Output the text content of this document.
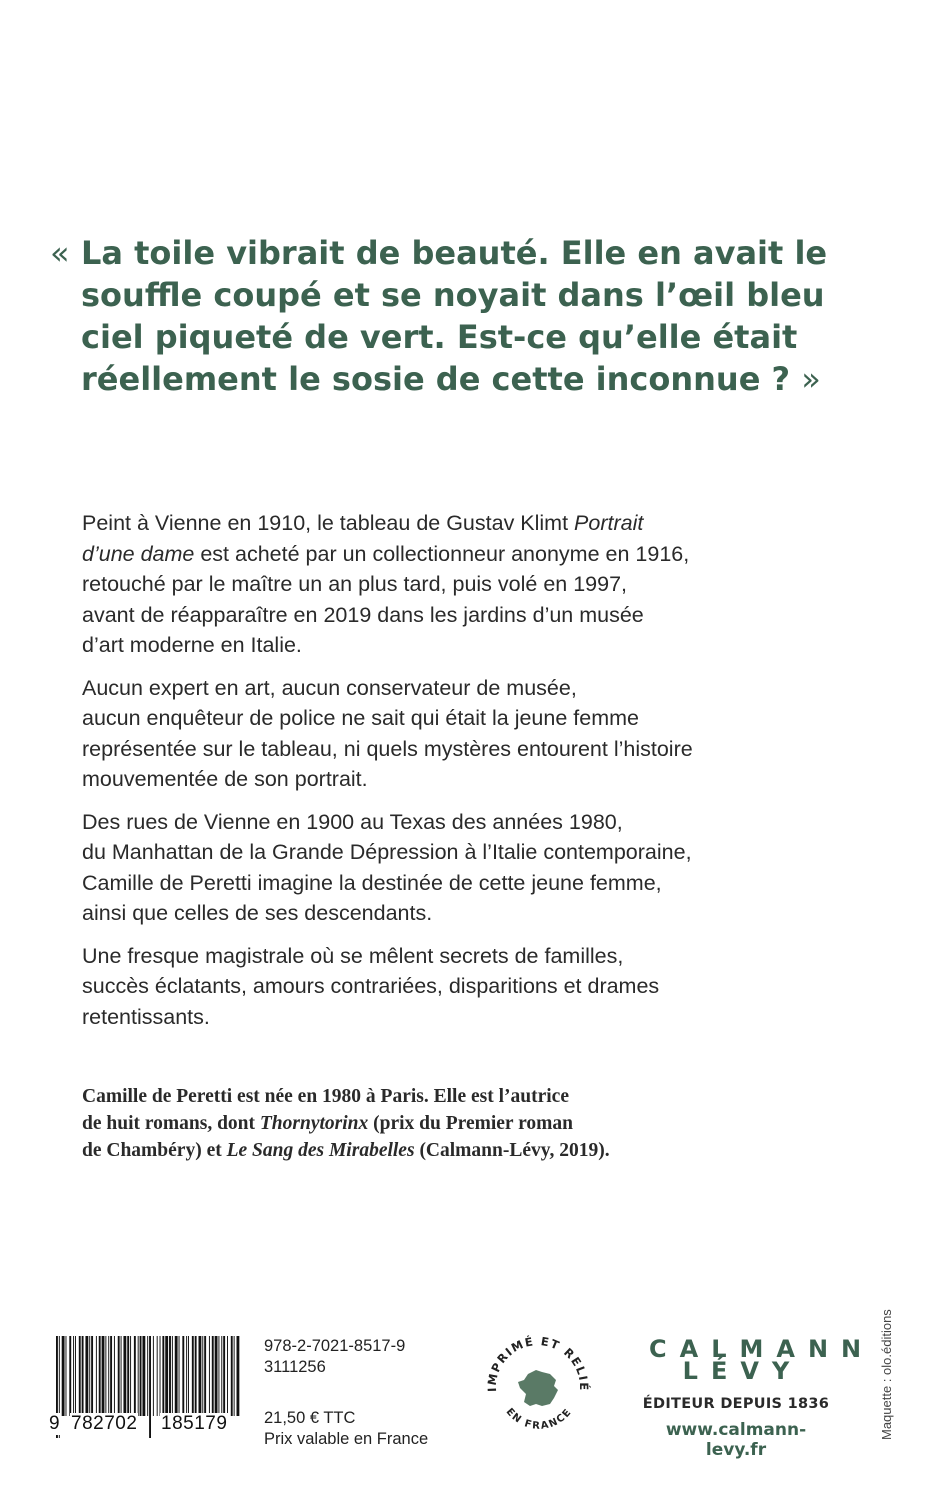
« La toile vibrait de beauté. Elle en avait le
souffle coupé et se noyait dans l’œil bleu
ciel piqueté de vert. Est-ce qu’elle était
réellement le sosie de cette inconnue ? »

Peint à Vienne en 1910, le tableau de Gustav Klimt Portrait
d’une dame est acheté par un collectionneur anonyme en 1916,
retouché par le maître un an plus tard, puis volé en 1997,
avant de réapparaître en 2019 dans les jardins d’un musée
d’art moderne en Italie.

Aucun expert en art, aucun conservateur de musée,
aucun enquêteur de police ne sait qui était la jeune femme
représentée sur le tableau, ni quels mystères entourent l’histoire
mouvementée de son portrait.

Des rues de Vienne en 1900 au Texas des années 1980,
du Manhattan de la Grande Dépression à l’Italie contemporaine,
Camille de Peretti imagine la destinée de cette jeune femme,
ainsi que celles de ses descendants.

Une fresque magistrale où se mêlent secrets de familles,
succès éclatants, amours contrariées, disparitions et drames
retentissants.

Camille de Peretti est née en 1980 à Paris. Elle est l’autrice
de huit romans, dont Thornytorinx (prix du Premier roman
de Chambéry) et Le Sang des Mirabelles (Calmann-Lévy, 2019).
9 782702 185179
978-2-7021-8517-9
3111256
21,50 € TTC
Prix valable en France
IMPRIMÉ ET RELIÉ
EN FRANCE
CALMANN
LÉVY
ÉDITEUR DEPUIS 1836
www.calmann-levy.fr
Maquette : olo.éditions
